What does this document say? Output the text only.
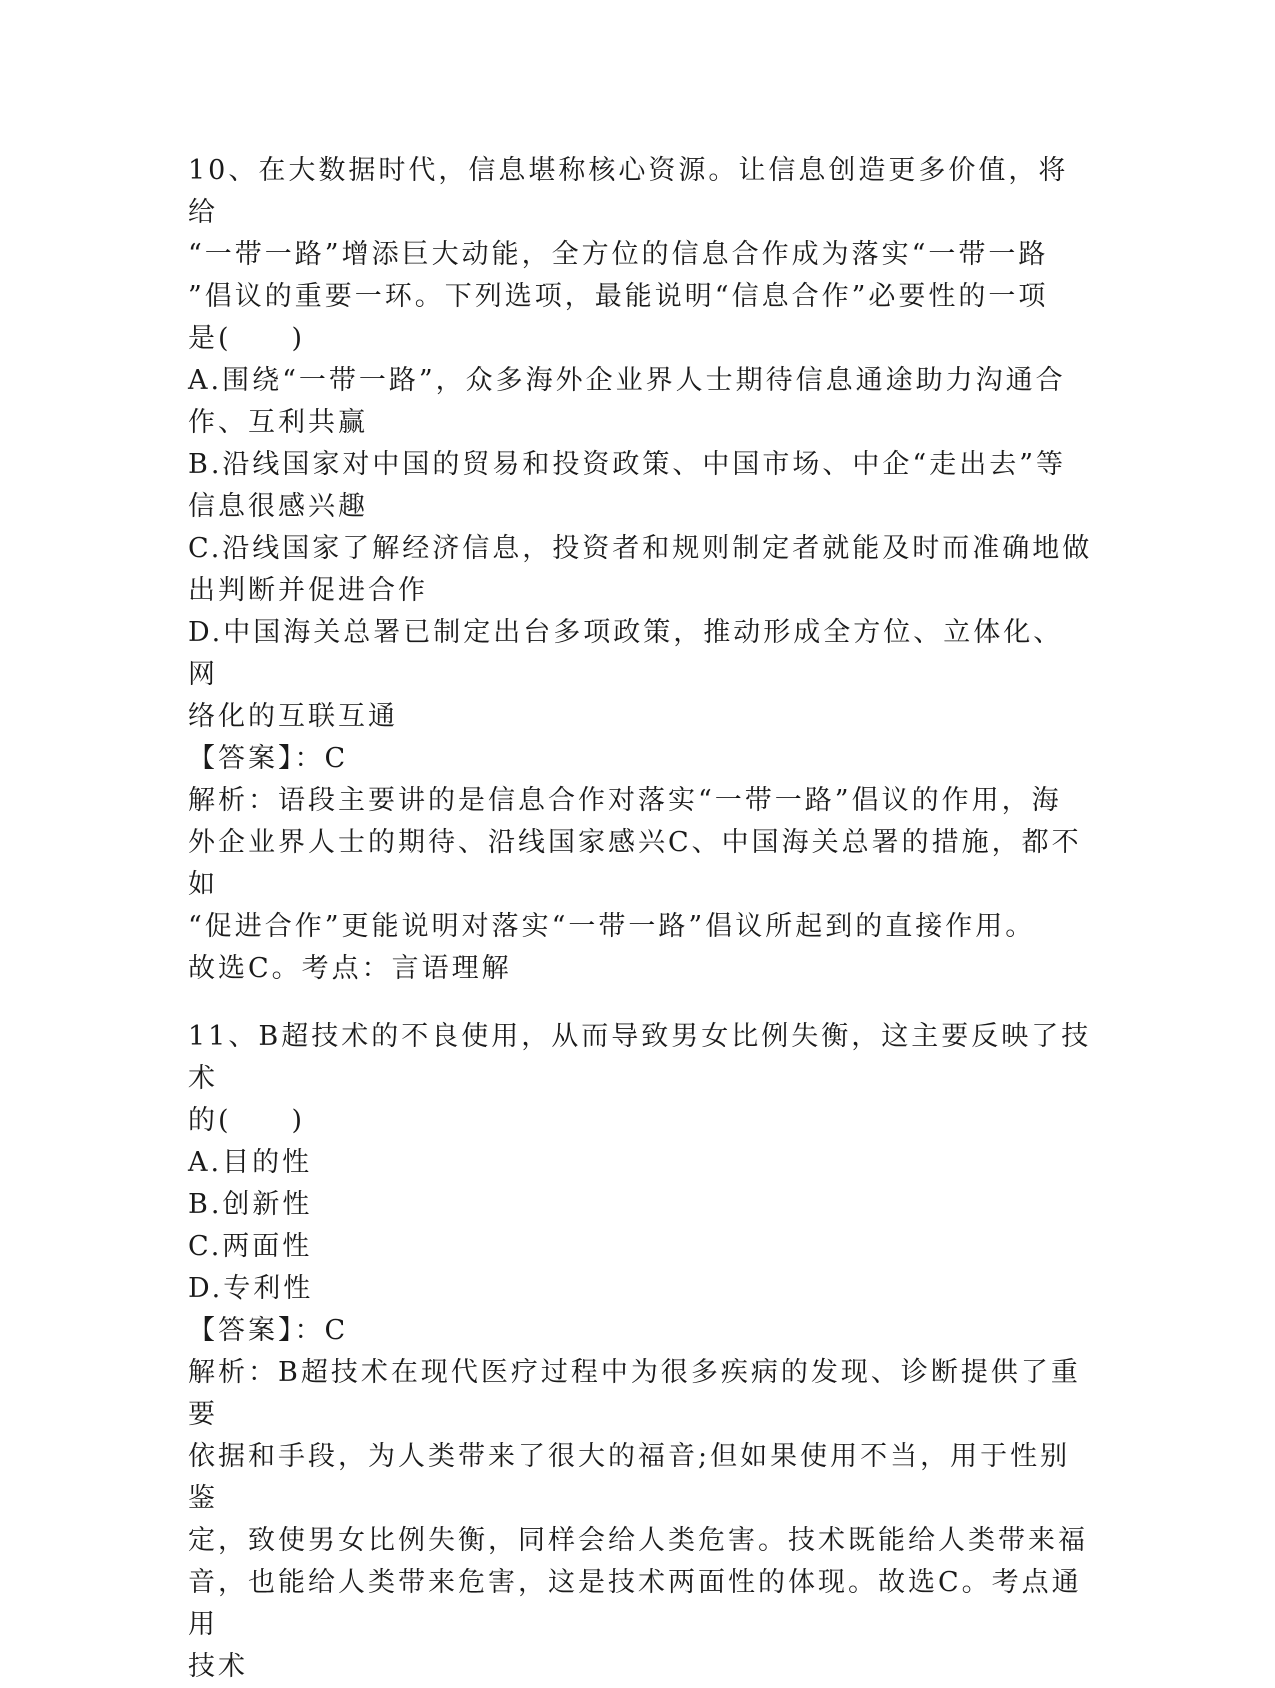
10、在大数据时代，信息堪称核心资源。让信息创造更多价值，将给

“一带一路”增添巨大动能，全方位的信息合作成为落实“一带一路

”倡议的重要一环。下列选项，最能说明“信息合作”必要性的一项

是(　　)

A.围绕“一带一路”，众多海外企业界人士期待信息通途助力沟通合

作、互利共赢

B.沿线国家对中国的贸易和投资政策、中国市场、中企“走出去”等

信息很感兴趣

C.沿线国家了解经济信息，投资者和规则制定者就能及时而准确地做

出判断并促进合作

D.中国海关总署已制定出台多项政策，推动形成全方位、立体化、网

络化的互联互通

【答案】：C

解析：语段主要讲的是信息合作对落实“一带一路”倡议的作用，海

外企业界人士的期待、沿线国家感兴C、中国海关总署的措施，都不如

“促进合作”更能说明对落实“一带一路”倡议所起到的直接作用。

故选C。考点：言语理解

11、B超技术的不良使用，从而导致男女比例失衡，这主要反映了技术

的(　　)

A.目的性

B.创新性

C.两面性

D.专利性

【答案】：C

解析：B超技术在现代医疗过程中为很多疾病的发现、诊断提供了重要

依据和手段，为人类带来了很大的福音;但如果使用不当，用于性别鉴

定，致使男女比例失衡，同样会给人类危害。技术既能给人类带来福

音，也能给人类带来危害，这是技术两面性的体现。故选C。考点通用

技术
